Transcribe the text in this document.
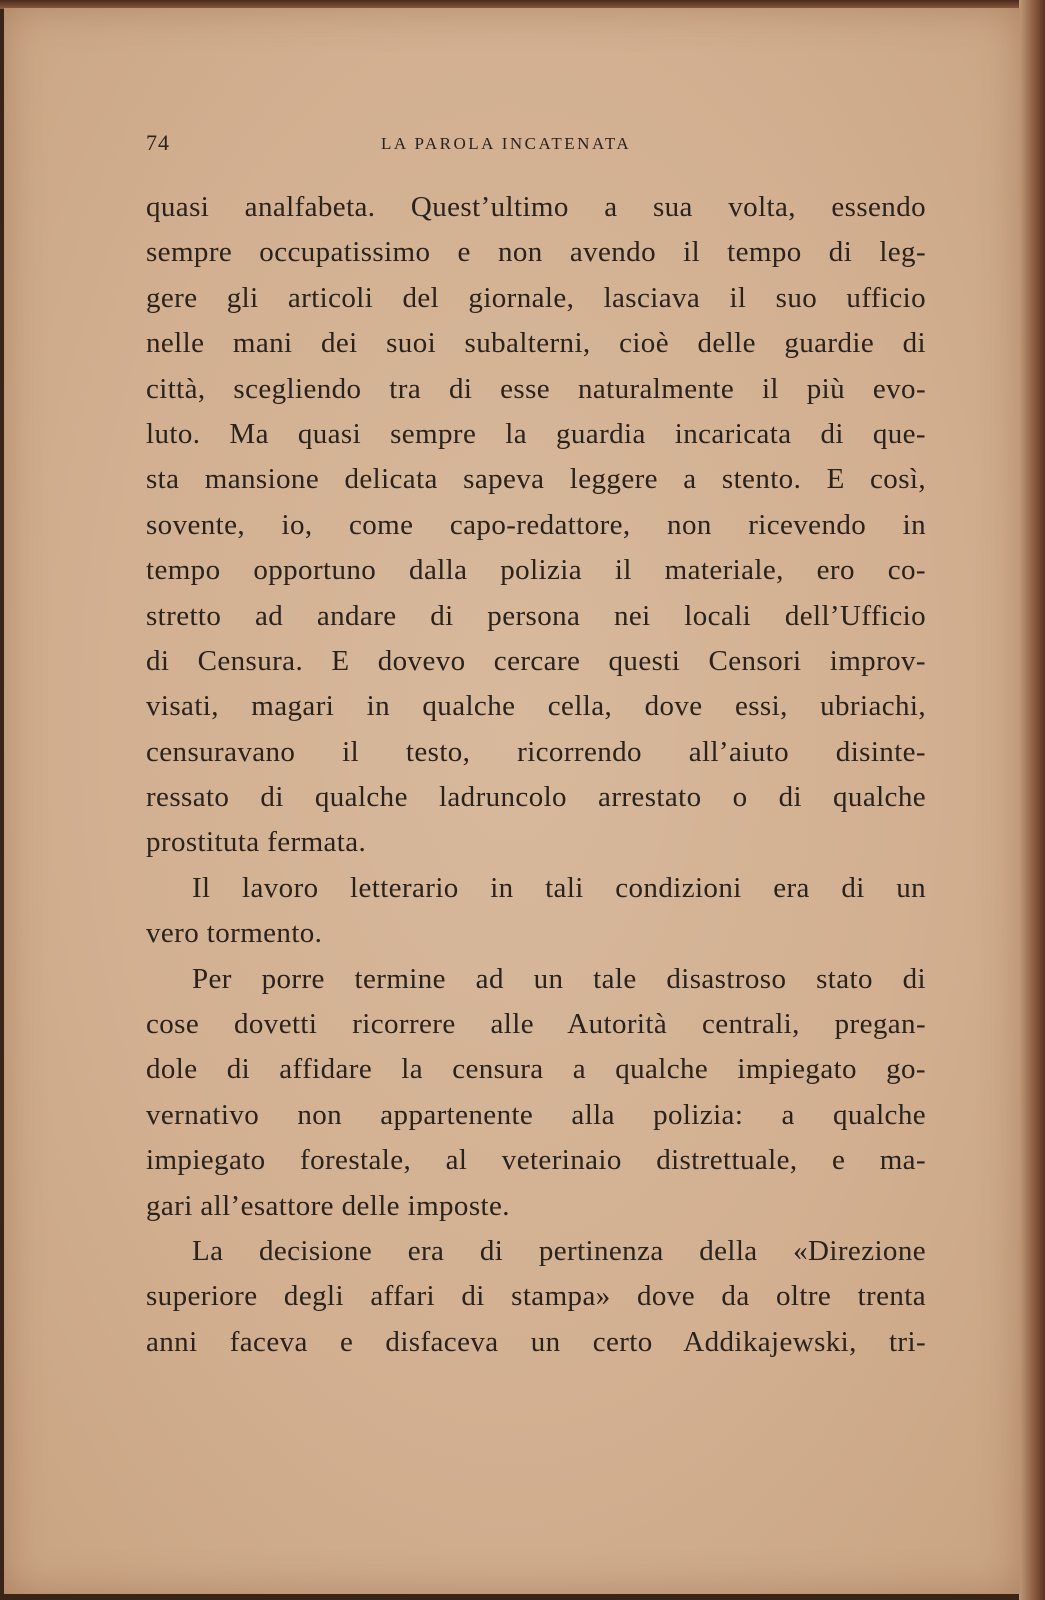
74	LA PAROLA INCATENATA
quasi analfabeta. Quest’ultimo a sua volta, essendo
sempre occupatissimo e non avendo il tempo di leg-
gere gli articoli del giornale, lasciava il suo ufficio
nelle mani dei suoi subalterni, cioè delle guardie di
città, scegliendo tra di esse naturalmente il più evo-
luto. Ma quasi sempre la guardia incaricata di que-
sta mansione delicata sapeva leggere a stento. E così,
sovente, io, come capo-redattore, non ricevendo in
tempo opportuno dalla polizia il materiale, ero co-
stretto ad andare di persona nei locali dell’Ufficio
di Censura. E dovevo cercare questi Censori improv-
visati, magari in qualche cella, dove essi, ubriachi,
censuravano il testo, ricorrendo all’aiuto disinte-
ressato di qualche ladruncolo arrestato o di qualche
prostituta fermata.
Il lavoro letterario in tali condizioni era di un
vero tormento.
Per porre termine ad un tale disastroso stato di
cose dovetti ricorrere alle Autorità centrali, pregan-
dole di affidare la censura a qualche impiegato go-
vernativo non appartenente alla polizia: a qualche
impiegato forestale, al veterinaio distrettuale, e ma-
gari all’esattore delle imposte.
La decisione era di pertinenza della «Direzione
superiore degli affari di stampa» dove da oltre trenta
anni faceva e disfaceva un certo Addikajewski, tri-
